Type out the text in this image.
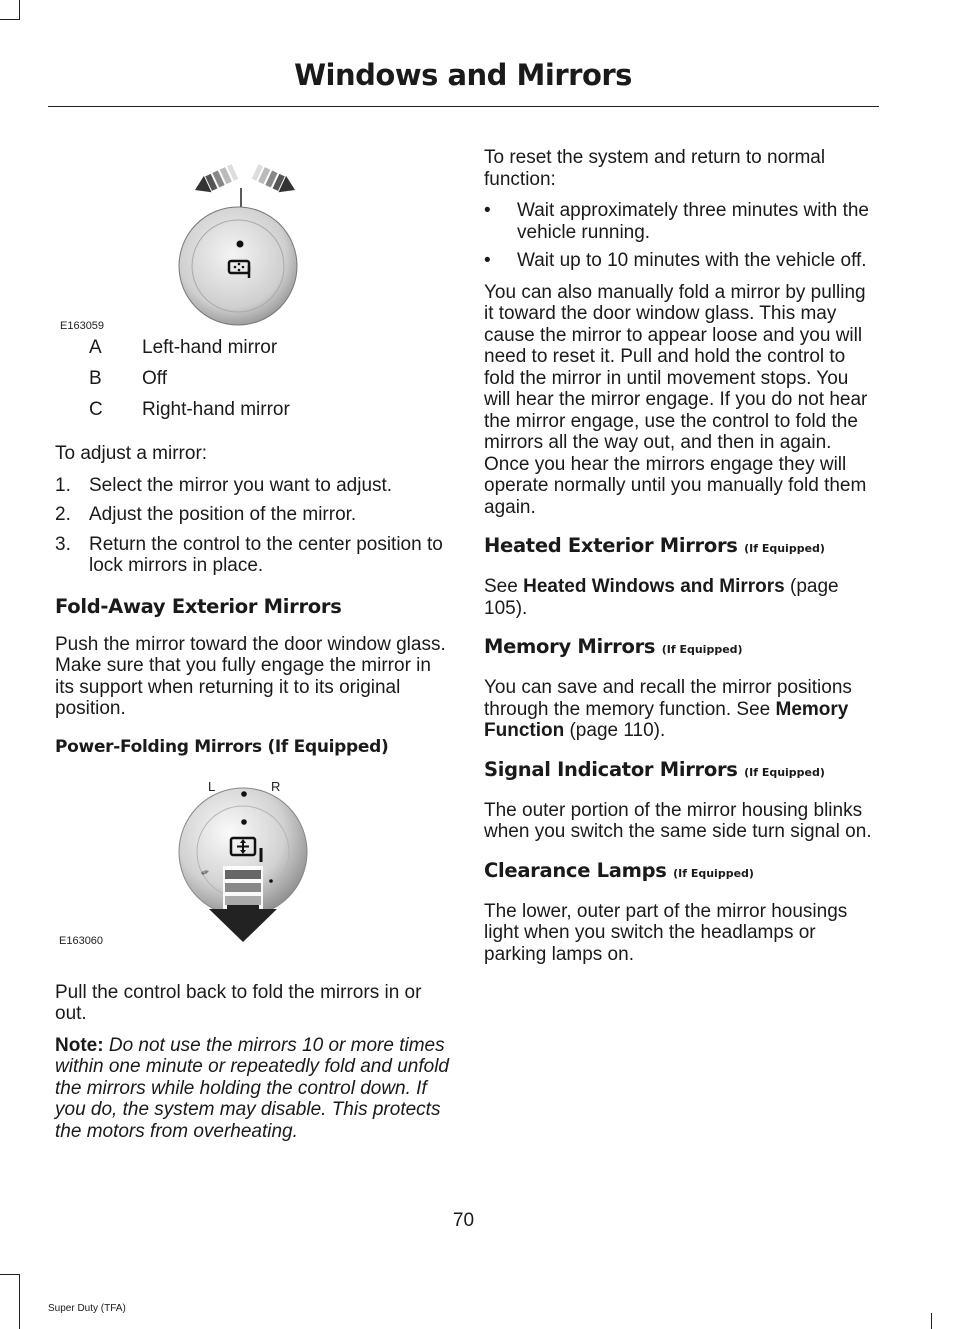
Windows and Mirrors
E163059
A	Left-hand mirror
B	Off
C	Right-hand mirror

To adjust a mirror:

1. Select the mirror you want to adjust.
2. Adjust the position of the mirror.
3. Return the control to the center position to lock mirrors in place.
Fold-Away Exterior Mirrors

Push the mirror toward the door window glass. Make sure that you fully engage the mirror in its support when returning it to its original position.

Power-Folding Mirrors (If Equipped)
✐
L	R
E163060

Pull the control back to fold the mirrors in or out.

Note: Do not use the mirrors 10 or more times within one minute or repeatedly fold and unfold the mirrors while holding the control down. If you do, the system may disable. This protects the motors from overheating.

To reset the system and return to normal function:

•	Wait approximately three minutes with the vehicle running.
•	Wait up to 10 minutes with the vehicle off.

You can also manually fold a mirror by pulling it toward the door window glass. This may cause the mirror to appear loose and you will need to reset it. Pull and hold the control to fold the mirror in until movement stops. You will hear the mirror engage. If you do not hear the mirror engage, use the control to fold the mirrors all the way out, and then in again. Once you hear the mirrors engage they will operate normally until you manually fold them again.

Heated Exterior Mirrors (If Equipped)

See Heated Windows and Mirrors (page 105).

Memory Mirrors (If Equipped)

You can save and recall the mirror positions through the memory function. See Memory Function (page 110).

Signal Indicator Mirrors (If Equipped)

The outer portion of the mirror housing blinks when you switch the same side turn signal on.

Clearance Lamps (If Equipped)

The lower, outer part of the mirror housings light when you switch the headlamps or parking lamps on.

70
Super Duty (TFA)
